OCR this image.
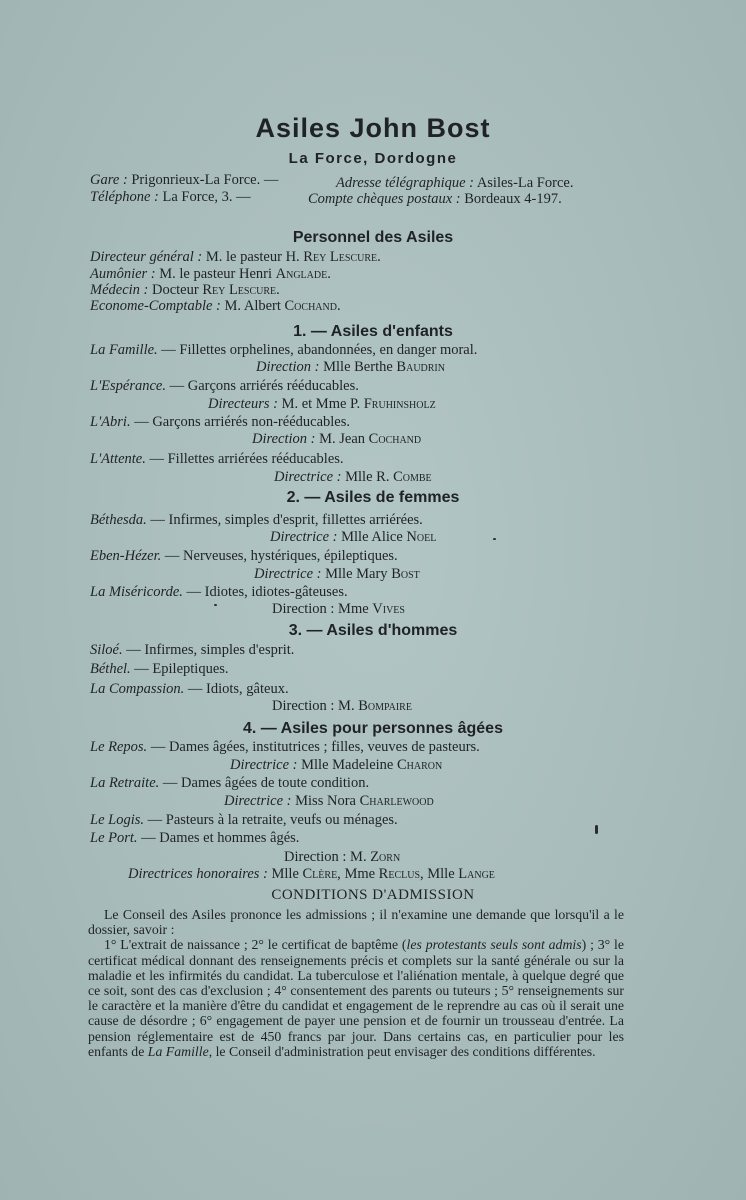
Asiles John Bost
La Force, Dordogne
Gare : Prigonrieux-La Force. —	Adresse télégraphique : Asiles-La Force.
Téléphone : La Force, 3. —	Compte chèques postaux : Bordeaux 4-197.
Personnel des Asiles
Directeur général : M. le pasteur H. Rey Lescure.
Aumônier : M. le pasteur Henri Anglade.
Médecin : Docteur Rey Lescure.
Econome-Comptable : M. Albert Cochand.
1. — Asiles d'enfants
La Famille. — Fillettes orphelines, abandonnées, en danger moral.
Direction : Mlle Berthe Baudrin
L'Espérance. — Garçons arriérés rééducables.
Directeurs : M. et Mme P. Fruhinsholz
L'Abri. — Garçons arriérés non-rééducables.
Direction : M. Jean Cochand
L'Attente. — Fillettes arriérées rééducables.
Directrice : Mlle R. Combe
2. — Asiles de femmes
Béthesda. — Infirmes, simples d'esprit, fillettes arriérées.
Directrice : Mlle Alice Noel
Eben-Hézer. — Nerveuses, hystériques, épileptiques.
Directrice : Mlle Mary Bost
La Miséricorde. — Idiotes, idiotes-gâteuses.
Direction : Mme Vives
3. — Asiles d'hommes
Siloé. — Infirmes, simples d'esprit.
Béthel. — Epileptiques.
La Compassion. — Idiots, gâteux.
Direction : M. Bompaire
4. — Asiles pour personnes âgées
Le Repos. — Dames âgées, institutrices ; filles, veuves de pasteurs.
Directrice : Mlle Madeleine Charon
La Retraite. — Dames âgées de toute condition.
Directrice : Miss Nora Charlewood
Le Logis. — Pasteurs à la retraite, veufs ou ménages.
Le Port. — Dames et hommes âgés.
Direction : M. Zorn
Directrices honoraires : Mlle Clère, Mme Reclus, Mlle Lange
CONDITIONS D'ADMISSION

Le Conseil des Asiles prononce les admissions ; il n'examine une demande que lorsqu'il a le dossier, savoir :

1° L'extrait de naissance ; 2° le certificat de baptême (les protestants seuls sont admis) ; 3° le certificat médical donnant des renseignements précis et complets sur la santé générale ou sur la maladie et les infirmités du candidat. La tuberculose et l'aliénation mentale, à quelque degré que ce soit, sont des cas d'exclusion ; 4° consentement des parents ou tuteurs ; 5° renseignements sur le caractère et la manière d'être du candidat et engagement de le reprendre au cas où il serait une cause de désordre ; 6° engagement de payer une pension et de fournir un trousseau d'entrée. La pension réglementaire est de 450 francs par jour. Dans certains cas, en particulier pour les enfants de La Famille, le Conseil d'administration peut envisager des conditions différentes.
